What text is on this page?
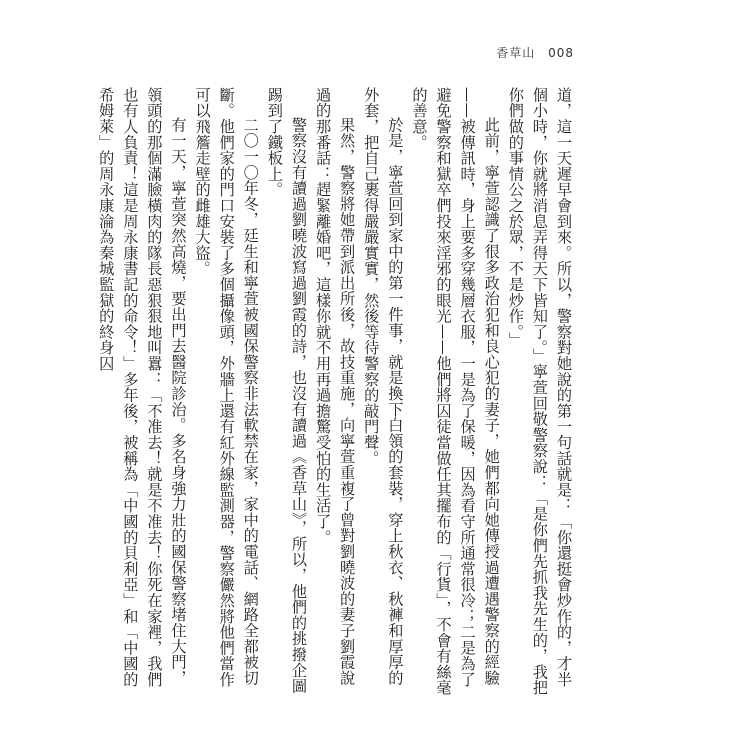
香草山 008

道，這一天遲早會到來。所以，警察對她說的第一句話就是：「你還挺會炒作的，才半個小時，你就將消息弄得天下皆知了。」寧萱回敬警察說：「是你們先抓我先生的，我把你們做的事情公之於眾，不是炒作。」

此前，寧萱認識了很多政治犯和良心犯的妻子，她們都向她傳授過遭遇警察的經驗——被傳訊時，身上要多穿幾層衣服，一是為了保暖，因為看守所通常很冷；二是為了避免警察和獄卒們投來淫邪的眼光——他們將囚徒當做任其擺布的「行貨」，不會有絲毫的善意。

於是，寧萱回到家中的第一件事，就是換下白領的套裝，穿上秋衣、秋褲和厚厚的外套，把自己裹得嚴嚴實實，然後等待警察的敲門聲。

果然，警察將她帶到派出所後，故技重施，向寧萱重複了曾對劉曉波的妻子劉霞說過的那番話：趕緊離婚吧，這樣你就不用再過擔驚受怕的生活了。

警察沒有讀過劉曉波寫過劉霞的詩，也沒有讀過《香草山》，所以，他們的挑撥企圖踢到了鐵板上。

二〇一〇年冬，廷生和寧萱被國保警察非法軟禁在家，家中的電話、網路全都被切斷。他們家的門口安裝了多個攝像頭，外牆上還有紅外線監測器，警察儼然將他們當作可以飛簷走壁的雌雄大盜。

有一天，寧萱突然高燒，要出門去醫院診治。多名身強力壯的國保警察堵住大門，領頭的那個滿臉橫肉的隊長惡狠狠地叫囂：「不准去！就是不准去！你死在家裡，我們也有人負責！這是周永康書記的命令！」多年後，被稱為「中國的貝利亞」和「中國的希姆萊」的周永康淪為秦城監獄的終身囚
